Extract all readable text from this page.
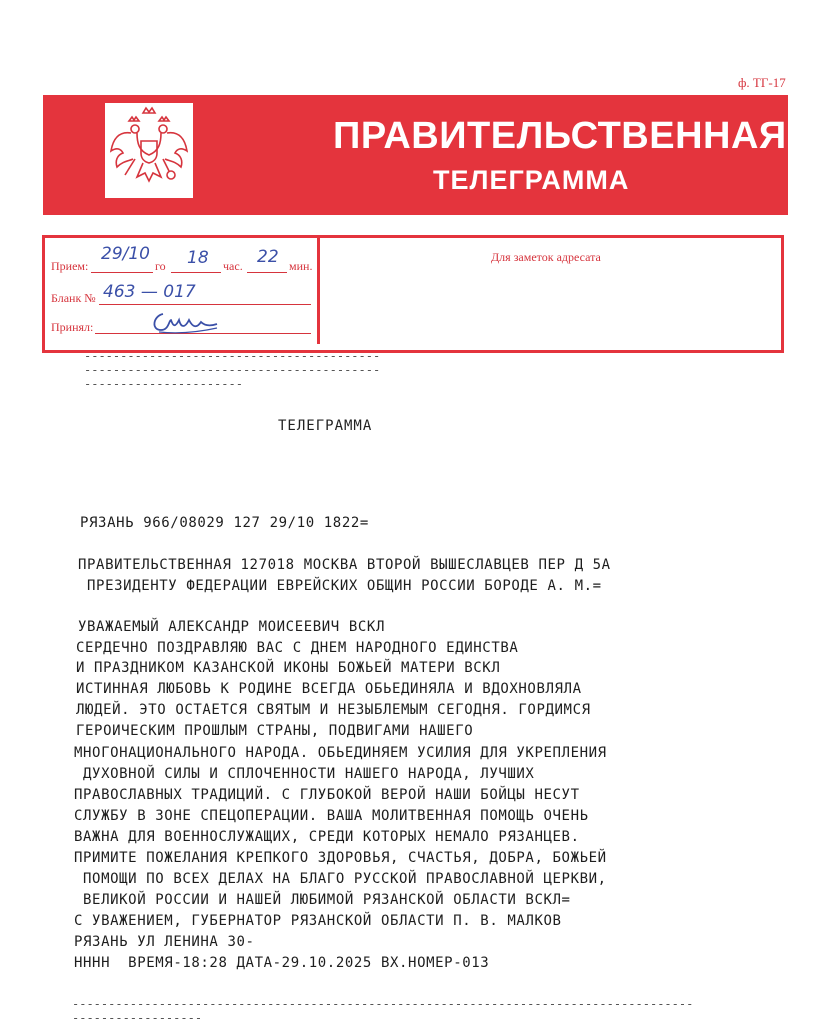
ф. ТГ-17
ПРАВИТЕЛЬСТВЕННАЯ
ТЕЛЕГРАММА
Прием:
29/10
го 18 час. 22 мин.
Бланк № 463 — 017
Принял:
Для заметок адресата
--------------------------------------------------------------------------------------------------------
ТЕЛЕГРАММА
РЯЗАНЬ 966/08029 127 29/10 1822=
ПРАВИТЕЛЬСТВЕННАЯ 127018 МОСКВА ВТОРОЙ ВЫШЕСЛАВЦЕВ ПЕР Д 5А
ПРЕЗИДЕНТУ ФЕДЕРАЦИИ ЕВРЕЙСКИХ ОБЩИН РОССИИ БОРОДЕ А. М.=
УВАЖАЕМЫЙ АЛЕКСАНДР МОИСЕЕВИЧ ВСКЛ
СЕРДЕЧНО ПОЗДРАВЛЯЮ ВАС С ДНЕМ НАРОДНОГО ЕДИНСТВА
И ПРАЗДНИКОМ КАЗАНСКОЙ ИКОНЫ БОЖЬЕЙ МАТЕРИ ВСКЛ
ИСТИННАЯ ЛЮБОВЬ К РОДИНЕ ВСЕГДА ОБЬЕДИНЯЛА И ВДОХНОВЛЯЛА
ЛЮДЕЙ. ЭТО ОСТАЕТСЯ СВЯТЫМ И НЕЗЫБЛЕМЫМ СЕГОДНЯ. ГОРДИМСЯ
ГЕРОИЧЕСКИМ ПРОШЛЫМ СТРАНЫ, ПОДВИГАМИ НАШЕГО
МНОГОНАЦИОНАЛЬНОГО НАРОДА. ОБЬЕДИНЯЕМ УСИЛИЯ ДЛЯ УКРЕПЛЕНИЯ
ДУХОВНОЙ СИЛЫ И СПЛОЧЕННОСТИ НАШЕГО НАРОДА, ЛУЧШИХ
ПРАВОСЛАВНЫХ ТРАДИЦИЙ. С ГЛУБОКОЙ ВЕРОЙ НАШИ БОЙЦЫ НЕСУТ
СЛУЖБУ В ЗОНЕ СПЕЦОПЕРАЦИИ. ВАША МОЛИТВЕННАЯ ПОМОЩЬ ОЧЕНЬ
ВАЖНА ДЛЯ ВОЕННОСЛУЖАЩИХ, СРЕДИ КОТОРЫХ НЕМАЛО РЯЗАНЦЕВ.
ПРИМИТЕ ПОЖЕЛАНИЯ КРЕПКОГО ЗДОРОВЬЯ, СЧАСТЬЯ, ДОБРА, БОЖЬЕЙ
ПОМОЩИ ПО ВСЕХ ДЕЛАХ НА БЛАГО РУССКОЙ ПРАВОСЛАВНОЙ ЦЕРКВИ,
ВЕЛИКОЙ РОССИИ И НАШЕЙ ЛЮБИМОЙ РЯЗАНСКОЙ ОБЛАСТИ ВСКЛ=
С УВАЖЕНИЕМ, ГУБЕРНАТОР РЯЗАНСКОЙ ОБЛАСТИ П. В. МАЛКОВ
РЯЗАНЬ УЛ ЛЕНИНА 30-
НННН  ВРЕМЯ-18:28 ДАТА-29.10.2025 ВХ.НОМЕР-013
--------------------------------------------------------------------------------------------------------
